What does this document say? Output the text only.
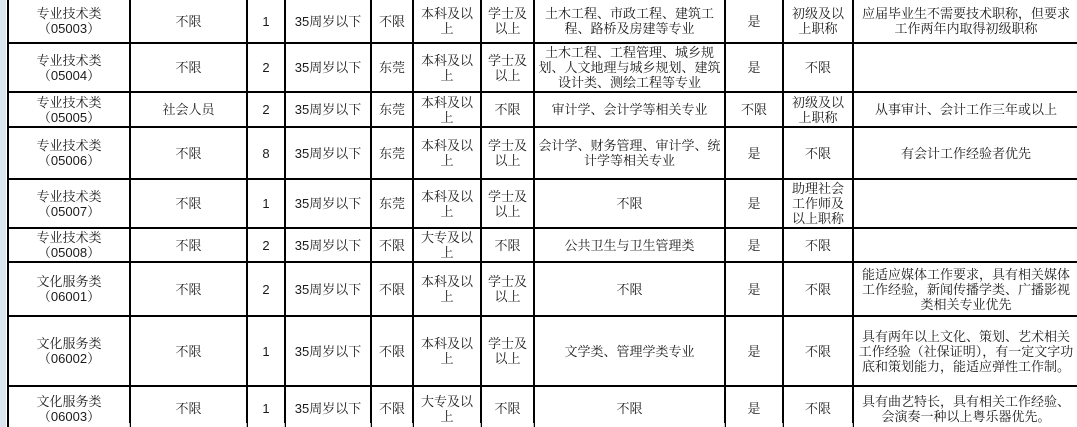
专业技术类
（05003）	不限	1	35周岁以下	不限	本科及以上	学士及以上	土木工程、市政工程、建筑工程、路桥及房建等专业	是	初级及以上职称	应届毕业生不需要技术职称，但要求工作两年内取得初级职称

专业技术类
（05004）	不限	2	35周岁以下	东莞	本科及以上	学士及以上	土木工程、工程管理、城乡规划、人文地理与城乡规划、建筑设计类、测绘工程等专业	是	不限	

专业技术类
（05005）	社会人员	2	35周岁以下	东莞	本科及以上	不限	审计学、会计学等相关专业	不限	初级及以上职称	从事审计、会计工作三年或以上

专业技术类
（05006）	不限	8	35周岁以下	东莞	本科及以上	学士及以上	会计学、财务管理、审计学、统计学等相关专业	是	不限	有会计工作经验者优先

专业技术类
（05007）	不限	1	35周岁以下	东莞	本科及以上	学士及以上	不限	是	助理社会工作师及以上职称	

专业技术类
（05008）	不限	2	35周岁以下	不限	大专及以上	不限	公共卫生与卫生管理类	是	不限	

文化服务类
（06001）	不限	2	35周岁以下	不限	本科及以上	学士及以上	不限	是	不限	能适应媒体工作要求，具有相关媒体工作经验，新闻传播学类、广播影视类相关专业优先

文化服务类
（06002）	不限	1	35周岁以下	不限	本科及以上	学士及以上	文学类、管理学类专业	是	不限	具有两年以上文化、策划、艺术相关工作经验（社保证明），有一定文字功底和策划能力，能适应弹性工作制。

文化服务类
（06003）	不限	1	35周岁以下	不限	大专及以上	不限	不限	是	不限	具有曲艺特长，具有相关工作经验、会演奏一种以上粤乐器优先。
